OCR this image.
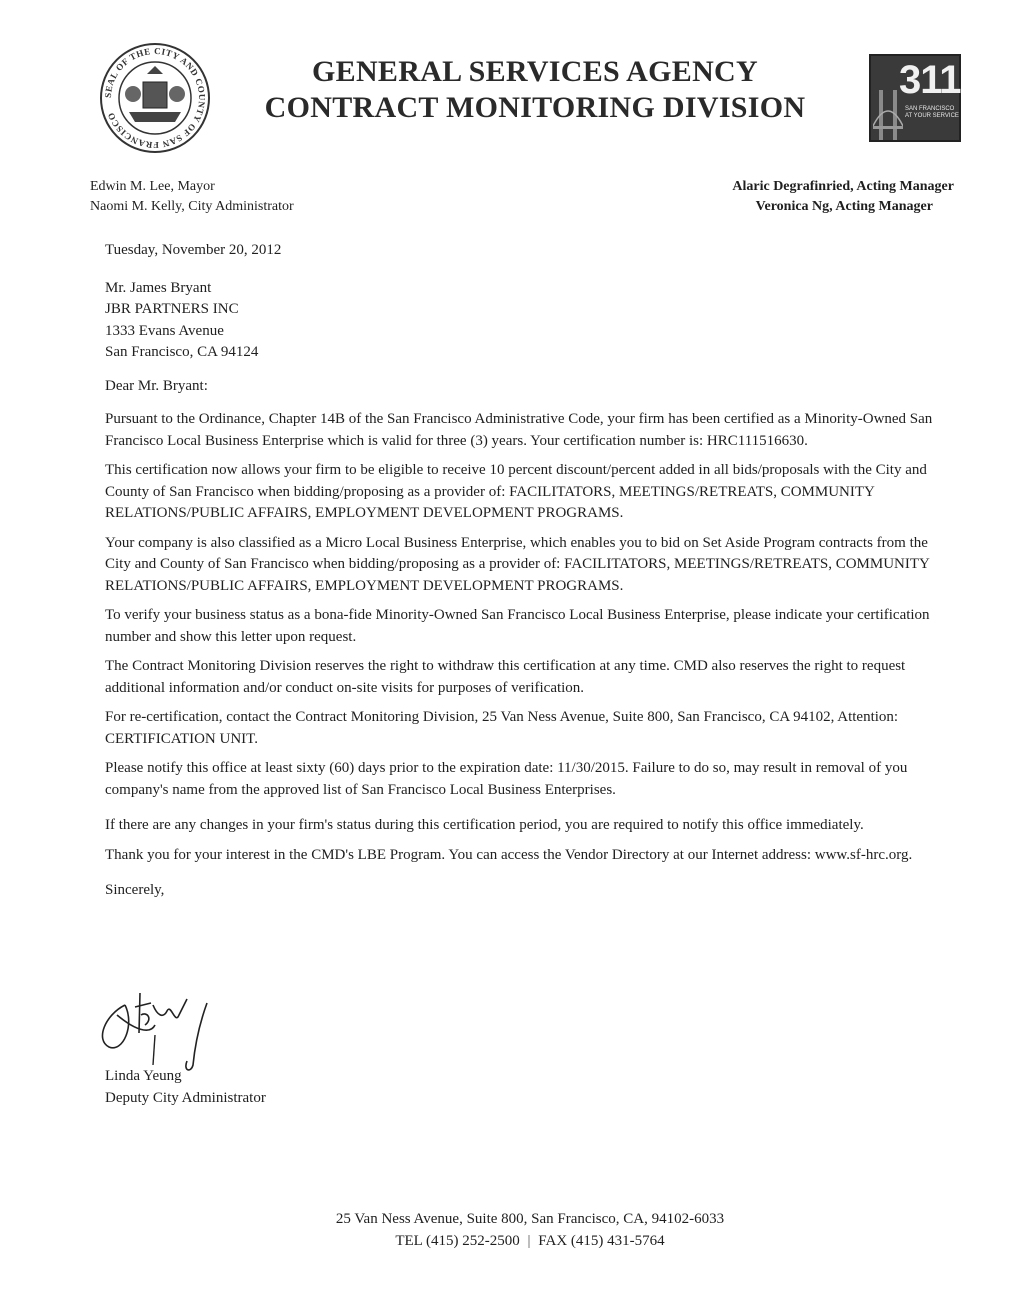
SEAL OF THE CITY AND COUNTY OF SAN FRANCISCO
GENERAL SERVICES AGENCY
CONTRACT MONITORING DIVISION
311
SAN FRANCISCO
AT YOUR SERVICE
Edwin M. Lee, Mayor
Naomi M. Kelly, City Administrator
Alaric Degrafinried, Acting Manager
Veronica Ng, Acting Manager

Tuesday, November 20, 2012

Mr. James Bryant
JBR PARTNERS INC
1333 Evans Avenue
San Francisco, CA 94124

Dear Mr. Bryant:

Pursuant to the Ordinance, Chapter 14B of the San Francisco Administrative Code, your firm has been certified as a Minority-Owned San Francisco Local Business Enterprise which is valid for three (3) years. Your certification number is: HRC111516630.

This certification now allows your firm to be eligible to receive 10 percent discount/percent added in all bids/proposals with the City and County of San Francisco when bidding/proposing as a provider of: FACILITATORS, MEETINGS/RETREATS, COMMUNITY RELATIONS/PUBLIC AFFAIRS, EMPLOYMENT DEVELOPMENT PROGRAMS.

Your company is also classified as a Micro Local Business Enterprise, which enables you to bid on Set Aside Program contracts from the City and County of San Francisco when bidding/proposing as a provider of: FACILITATORS, MEETINGS/RETREATS, COMMUNITY RELATIONS/PUBLIC AFFAIRS, EMPLOYMENT DEVELOPMENT PROGRAMS.

To verify your business status as a bona-fide Minority-Owned San Francisco Local Business Enterprise, please indicate your certification number and show this letter upon request.

The Contract Monitoring Division reserves the right to withdraw this certification at any time. CMD also reserves the right to request additional information and/or conduct on-site visits for purposes of verification.

For re-certification, contact the Contract Monitoring Division, 25 Van Ness Avenue, Suite 800, San Francisco, CA 94102, Attention: CERTIFICATION UNIT.

Please notify this office at least sixty (60) days prior to the expiration date: 11/30/2015. Failure to do so, may result in removal of you company's name from the approved list of San Francisco Local Business Enterprises.

If there are any changes in your firm's status during this certification period, you are required to notify this office immediately.

Thank you for your interest in the CMD's LBE Program. You can access the Vendor Directory at our Internet address: www.sf-hrc.org.

Sincerely,

Linda Yeung
Deputy City Administrator
25 Van Ness Avenue, Suite 800, San Francisco, CA, 94102-6033
TEL (415) 252-2500 | FAX (415) 431-5764
